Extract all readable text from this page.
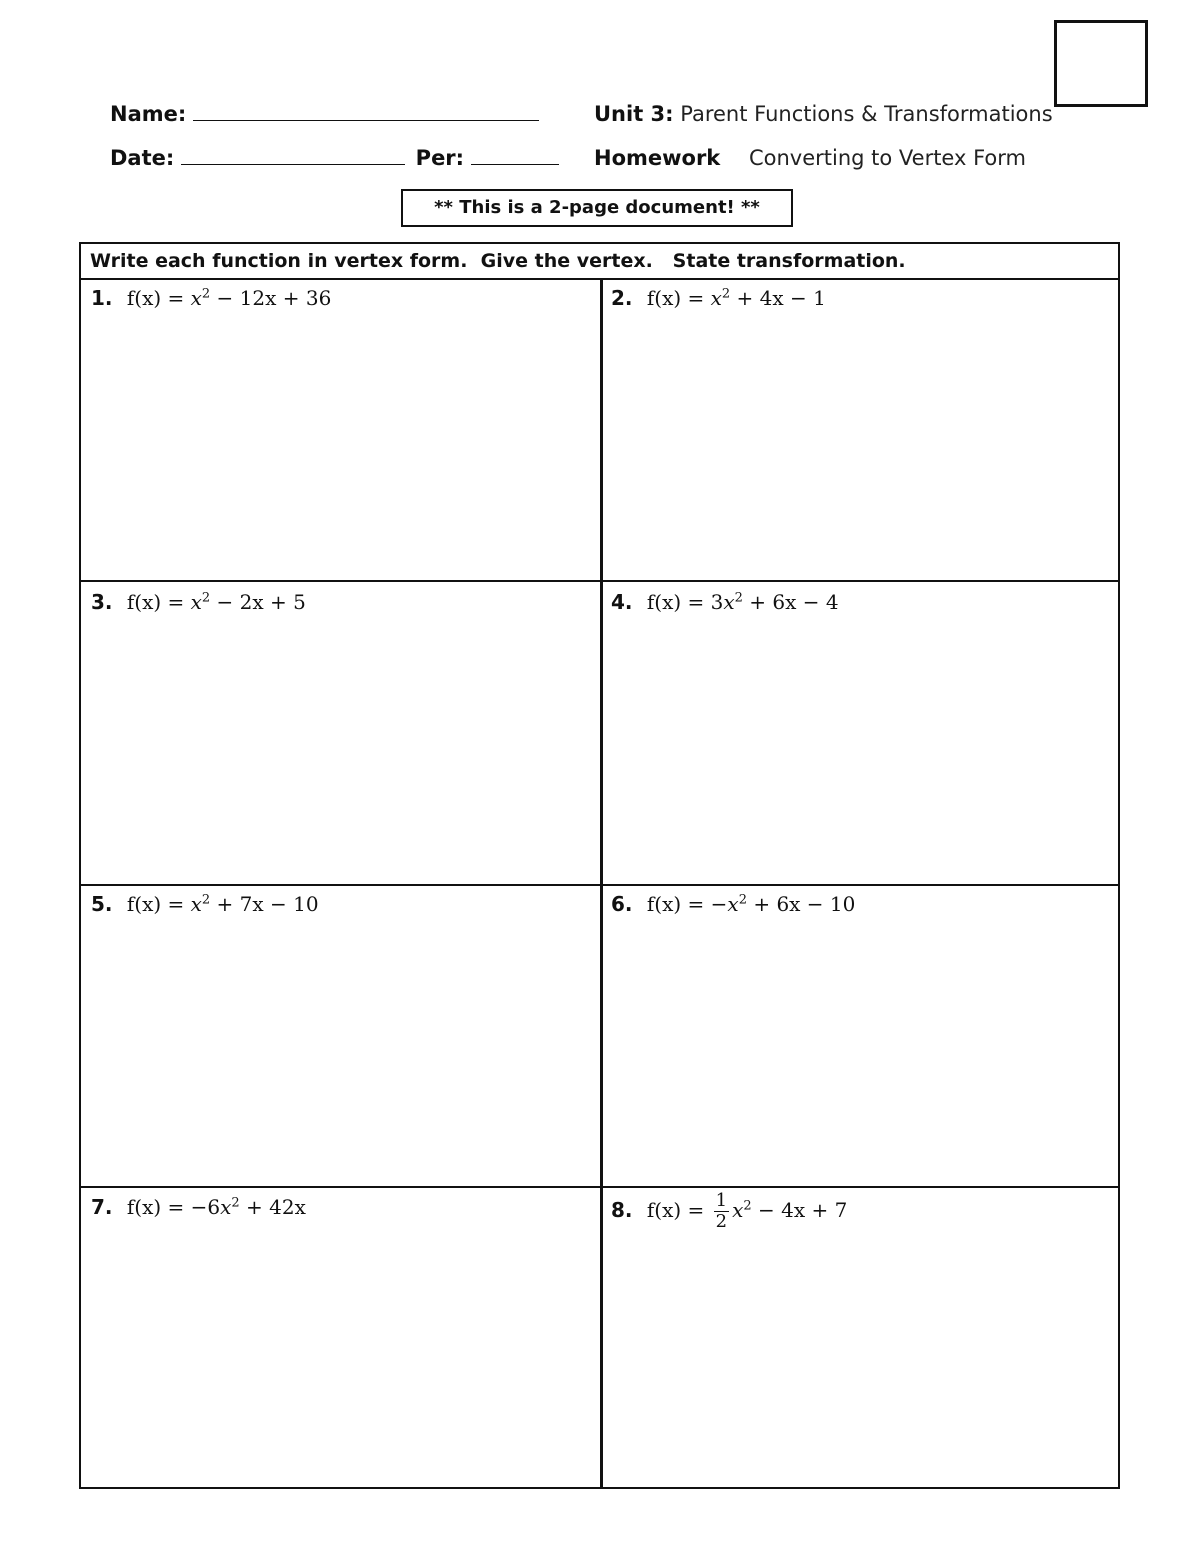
Name:
Date:	Per:
Unit 3: Parent Functions & Transformations
Homework Converting to Vertex Form
** This is a 2-page document! **
Write each function in vertex form.  Give the vertex.   State transformation.
1. $f(x) = x^2 - 12x + 36$	2. $f(x) = x^2 + 4x - 1$
3. $f(x) = x^2 - 2x + 5$	4. $f(x) = 3x^2 + 6x - 4$
5. $f(x) = x^2 + 7x - 10$	6. $f(x) = -x^2 + 6x - 10$
7. $f(x) = -6x^2 + 42x$	8. $f(x) = \frac{1}{2} x^2 - 4x + 7$
